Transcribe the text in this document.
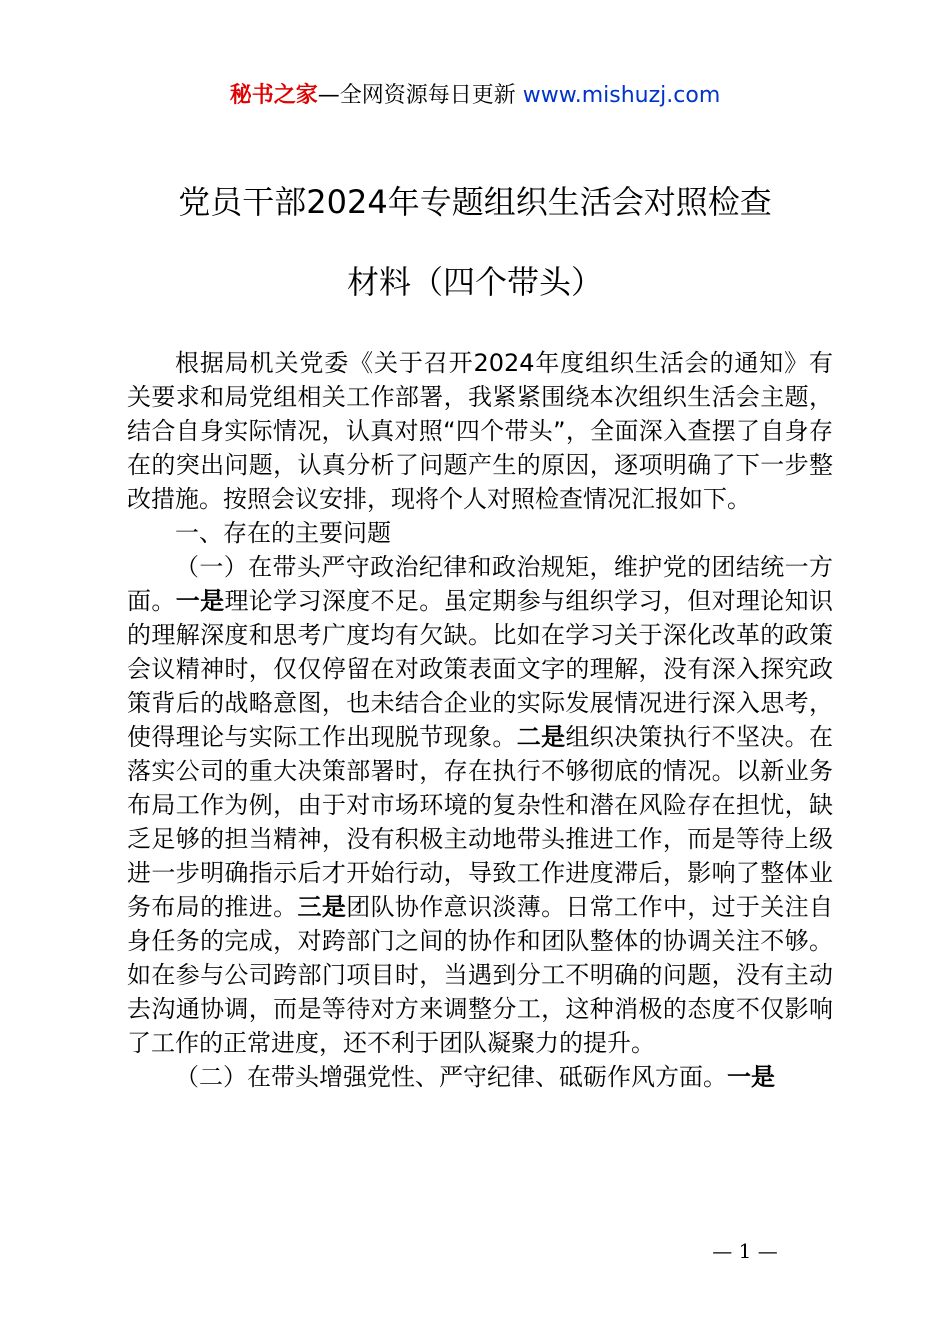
秘书之家—全网资源每日更新 www.mishuzj.com
党员干部2024年专题组织生活会对照检查
材料（四个带头）

根据局机关党委《关于召开2024年度组织生活会的通知》有关要求和局党组相关工作部署，我紧紧围绕本次组织生活会主题，结合自身实际情况，认真对照“四个带头”，全面深入查摆了自身存在的突出问题，认真分析了问题产生的原因，逐项明确了下一步整改措施。按照会议安排，现将个人对照检查情况汇报如下。

一、存在的主要问题

（一）在带头严守政治纪律和政治规矩，维护党的团结统一方面。一是理论学习深度不足。虽定期参与组织学习，但对理论知识的理解深度和思考广度均有欠缺。比如在学习关于深化改革的政策会议精神时，仅仅停留在对政策表面文字的理解，没有深入探究政策背后的战略意图，也未结合企业的实际发展情况进行深入思考，使得理论与实际工作出现脱节现象。二是组织决策执行不坚决。在落实公司的重大决策部署时，存在执行不够彻底的情况。以新业务布局工作为例，由于对市场环境的复杂性和潜在风险存在担忧，缺乏足够的担当精神，没有积极主动地带头推进工作，而是等待上级进一步明确指示后才开始行动，导致工作进度滞后，影响了整体业务布局的推进。三是团队协作意识淡薄。日常工作中，过于关注自身任务的完成，对跨部门之间的协作和团队整体的协调关注不够。如在参与公司跨部门项目时，当遇到分工不明确的问题，没有主动去沟通协调，而是等待对方来调整分工，这种消极的态度不仅影响了工作的正常进度，还不利于团队凝聚力的提升。

（二）在带头增强党性、严守纪律、砥砺作风方面。一是

— 1 —
